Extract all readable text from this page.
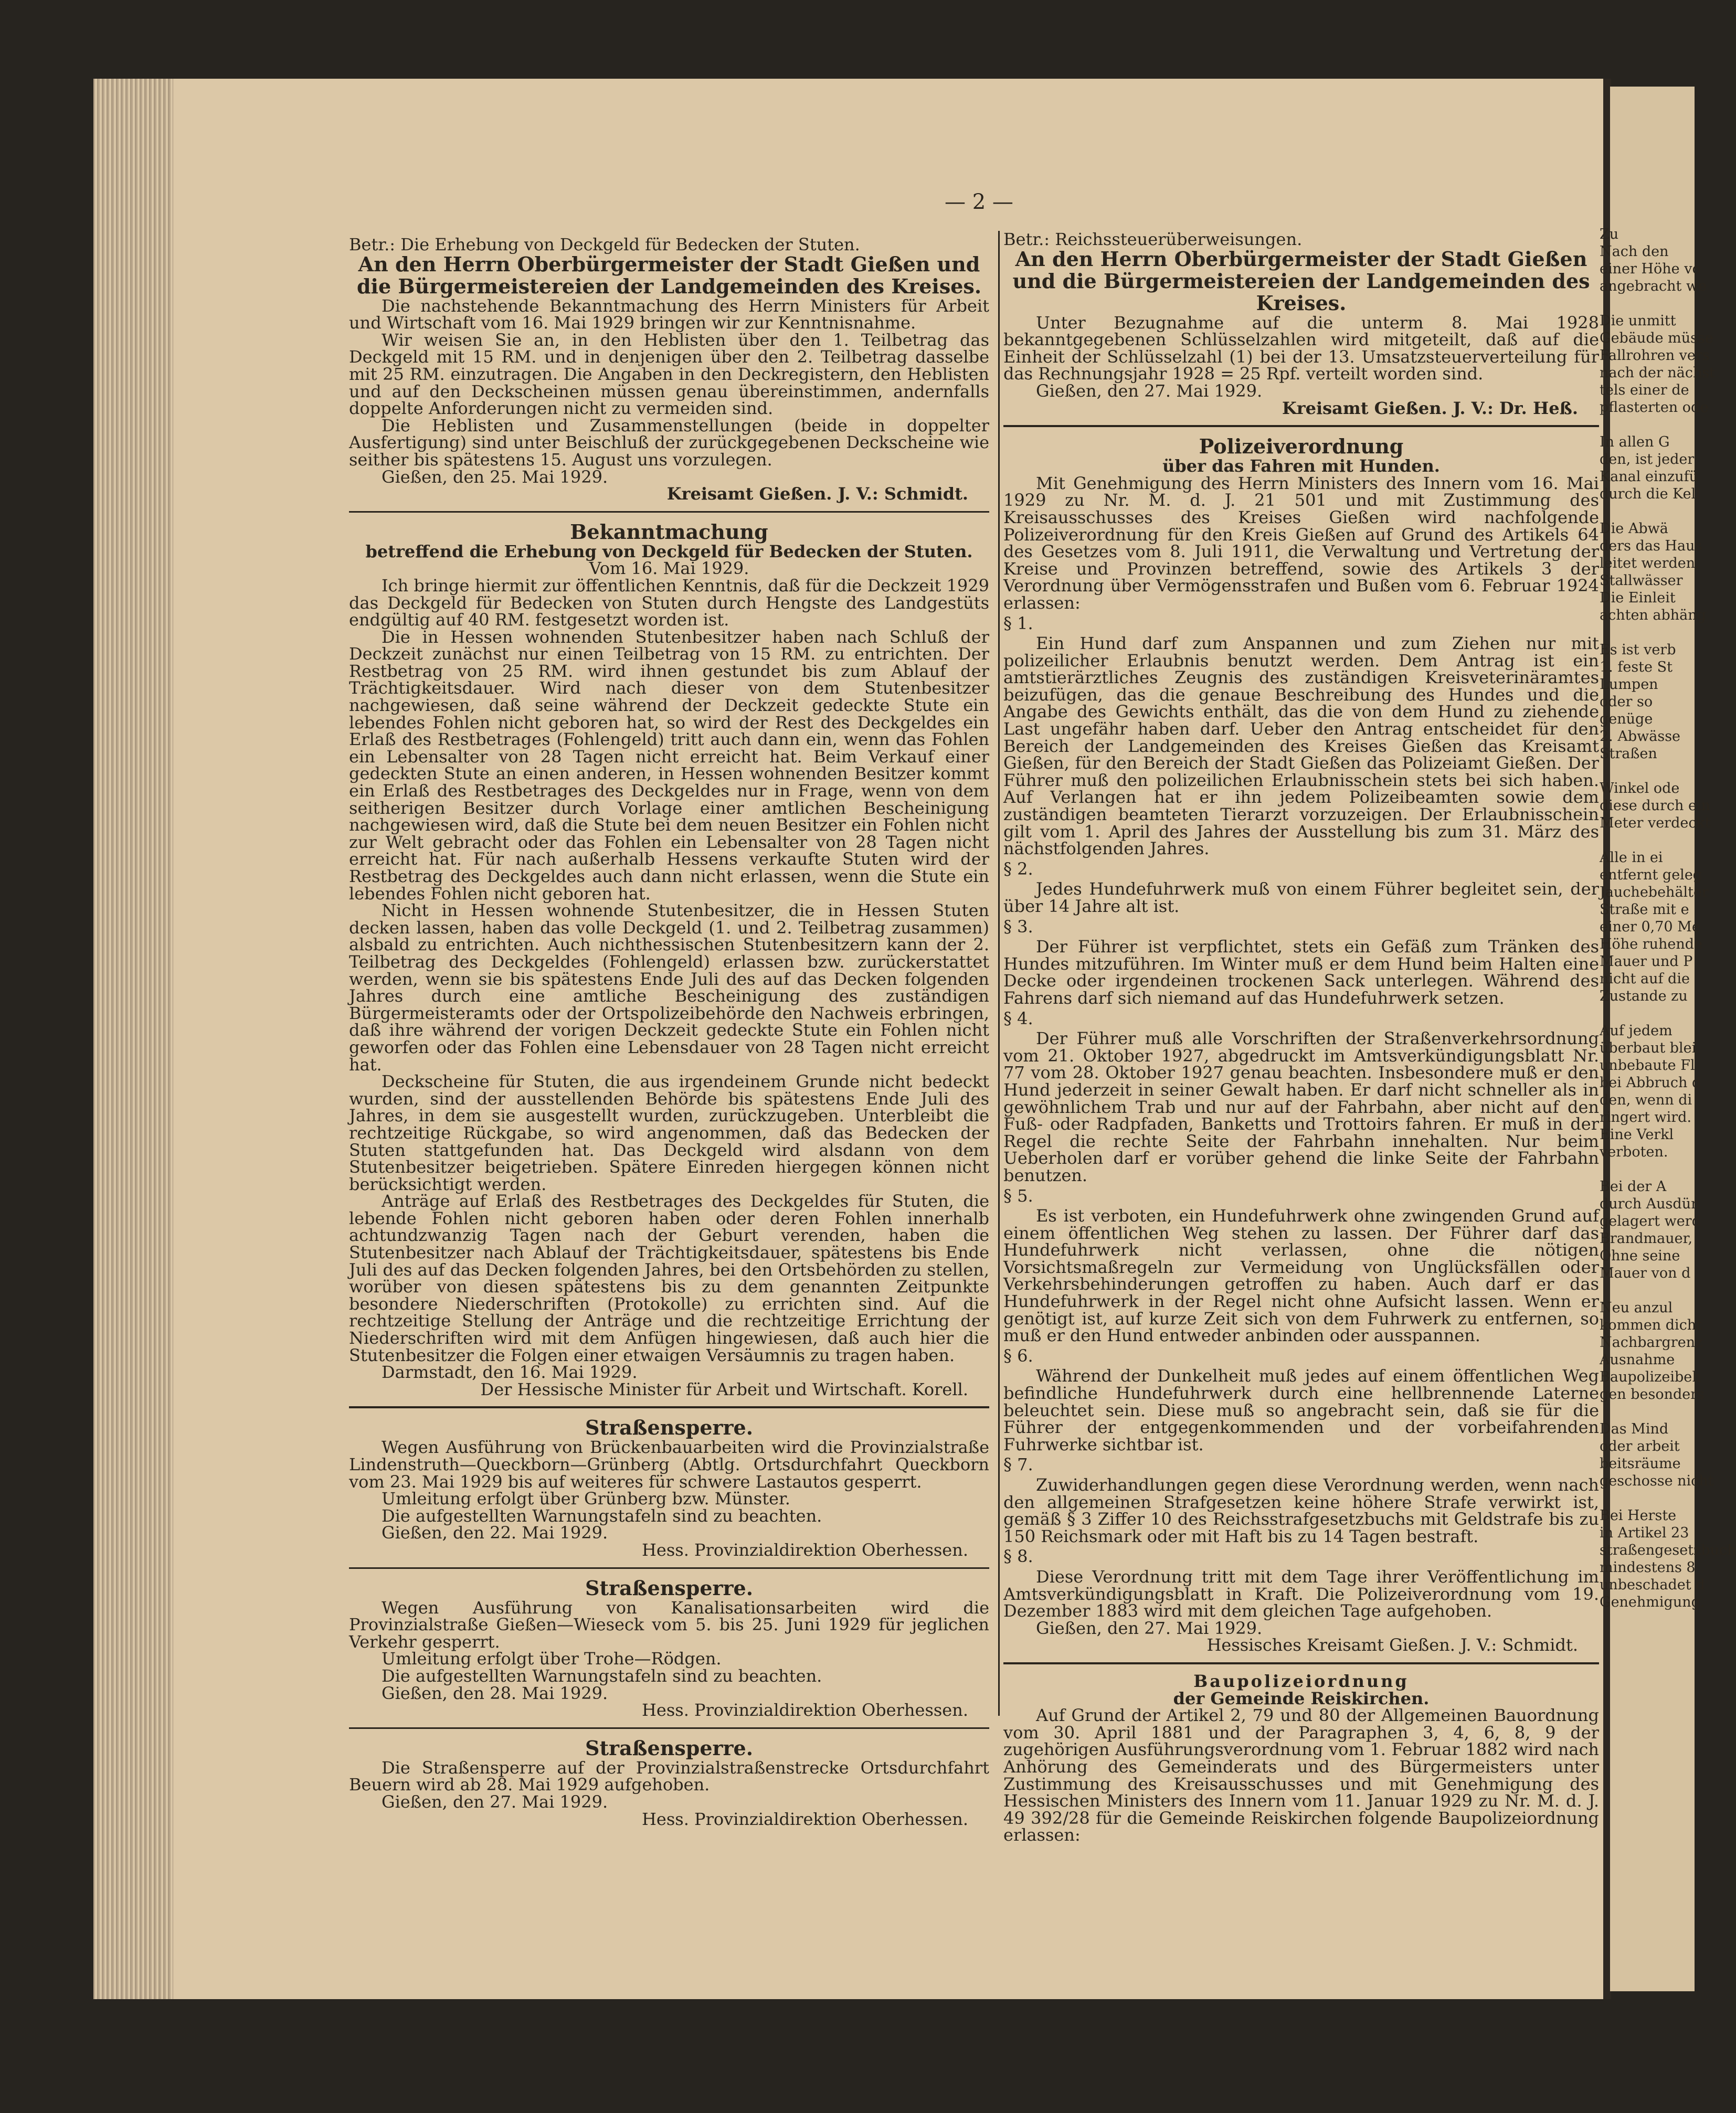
Zu
Nach den
einer Höhe vo
angebracht we

Die unmitt
Gebäude müsse
Fallrohren vers
nach der nächst
tels einer de
pflasterten ode

In allen G
den, ist jeder
Kanal einzufü
durch die Kell

Die Abwä
ders das Haus
leitet werden.
Stallwässer
Die Einleit
achten abhäng

Es ist verb
1. feste St
Lumpen
oder so
genüge
2. Abwässe
Straßen

Winkel ode
diese durch ein
Meter verdeckt

Alle in ei
entfernt geleg
Jauchebehälter
Straße mit e
einer 0,70 Me
Höhe ruhende
Mauer und P
nicht auf die
Zustande zu

Auf jedem
überbaut blei
unbebaute Fl
bei Abbruch d
den, wenn di
ringert wird.
Eine Verkl
verboten.

Bei der A
durch Ausdün
gelagert werd
Brandmauer,
Ohne seine
Mauer von d

Neu anzul
kommen dicht
Nachbargrenz
Ausnahme
Baupolizeibeh
gen besonders

Das Mind
oder arbeit
beitsräume
geschosse nicht

Bei Herste
in Artikel 23
straßengesetzbuch
mindestens 8
unbeschadet d
Genehmigung.
— 2 —

Betr.: Die Erhebung von Deckgeld für Bedecken der Stuten.

An den Herrn Oberbürgermeister der Stadt Gießen und die Bürgermeistereien der Landgemeinden des Kreises.

Die nachstehende Bekanntmachung des Herrn Ministers für Arbeit und Wirtschaft vom 16. Mai 1929 bringen wir zur Kenntnisnahme.

Wir weisen Sie an, in den Heblisten über den 1. Teilbetrag das Deckgeld mit 15 RM. und in denjenigen über den 2. Teilbetrag dasselbe mit 25 RM. einzutragen. Die Angaben in den Deckregistern, den Heblisten und auf den Deckscheinen müssen genau übereinstimmen, andernfalls doppelte Anforderungen nicht zu vermeiden sind.

Die Heblisten und Zusammenstellungen (beide in doppelter Ausfertigung) sind unter Beischluß der zurückgegebenen Deckscheine wie seither bis spätestens 15. August uns vorzulegen.

Gießen, den 25. Mai 1929.

Kreisamt Gießen. J. V.: Schmidt.

Bekanntmachung

betreffend die Erhebung von Deckgeld für Bedecken der Stuten.

Vom 16. Mai 1929.

Ich bringe hiermit zur öffentlichen Kenntnis, daß für die Deckzeit 1929 das Deckgeld für Bedecken von Stuten durch Hengste des Landgestüts endgültig auf 40 RM. festgesetzt worden ist.

Die in Hessen wohnenden Stutenbesitzer haben nach Schluß der Deckzeit zunächst nur einen Teilbetrag von 15 RM. zu entrichten. Der Restbetrag von 25 RM. wird ihnen gestundet bis zum Ablauf der Trächtigkeitsdauer. Wird nach dieser von dem Stutenbesitzer nachgewiesen, daß seine während der Deckzeit gedeckte Stute ein lebendes Fohlen nicht geboren hat, so wird der Rest des Deckgeldes ein Erlaß des Restbetrages (Fohlengeld) tritt auch dann ein, wenn das Fohlen ein Lebensalter von 28 Tagen nicht erreicht hat. Beim Verkauf einer gedeckten Stute an einen anderen, in Hessen wohnenden Besitzer kommt ein Erlaß des Restbetrages des Deckgeldes nur in Frage, wenn von dem seitherigen Besitzer durch Vorlage einer amtlichen Bescheinigung nachgewiesen wird, daß die Stute bei dem neuen Besitzer ein Fohlen nicht zur Welt gebracht oder das Fohlen ein Lebensalter von 28 Tagen nicht erreicht hat. Für nach außerhalb Hessens verkaufte Stuten wird der Restbetrag des Deckgeldes auch dann nicht erlassen, wenn die Stute ein lebendes Fohlen nicht geboren hat.

Nicht in Hessen wohnende Stutenbesitzer, die in Hessen Stuten decken lassen, haben das volle Deckgeld (1. und 2. Teilbetrag zusammen) alsbald zu entrichten. Auch nichthessischen Stutenbesitzern kann der 2. Teilbetrag des Deckgeldes (Fohlengeld) erlassen bzw. zurückerstattet werden, wenn sie bis spätestens Ende Juli des auf das Decken folgenden Jahres durch eine amtliche Bescheinigung des zuständigen Bürgermeisteramts oder der Ortspolizeibehörde den Nachweis erbringen, daß ihre während der vorigen Deckzeit gedeckte Stute ein Fohlen nicht geworfen oder das Fohlen eine Lebensdauer von 28 Tagen nicht erreicht hat.

Deckscheine für Stuten, die aus irgendeinem Grunde nicht bedeckt wurden, sind der ausstellenden Behörde bis spätestens Ende Juli des Jahres, in dem sie ausgestellt wurden, zurückzugeben. Unterbleibt die rechtzeitige Rückgabe, so wird angenommen, daß das Bedecken der Stuten stattgefunden hat. Das Deckgeld wird alsdann von dem Stutenbesitzer beigetrieben. Spätere Einreden hiergegen können nicht berücksichtigt werden.

Anträge auf Erlaß des Restbetrages des Deckgeldes für Stuten, die lebende Fohlen nicht geboren haben oder deren Fohlen innerhalb achtundzwanzig Tagen nach der Geburt verenden, haben die Stutenbesitzer nach Ablauf der Trächtigkeitsdauer, spätestens bis Ende Juli des auf das Decken folgenden Jahres, bei den Ortsbehörden zu stellen, worüber von diesen spätestens bis zu dem genannten Zeitpunkte besondere Niederschriften (Protokolle) zu errichten sind. Auf die rechtzeitige Stellung der Anträge und die rechtzeitige Errichtung der Niederschriften wird mit dem Anfügen hingewiesen, daß auch hier die Stutenbesitzer die Folgen einer etwaigen Versäumnis zu tragen haben.

Darmstadt, den 16. Mai 1929.

Der Hessische Minister für Arbeit und Wirtschaft. Korell.

Straßensperre.

Wegen Ausführung von Brückenbauarbeiten wird die Provinzialstraße Lindenstruth—Queckborn—Grünberg (Abtlg. Ortsdurchfahrt Queckborn vom 23. Mai 1929 bis auf weiteres für schwere Lastautos gesperrt.

Umleitung erfolgt über Grünberg bzw. Münster.

Die aufgestellten Warnungstafeln sind zu beachten.

Gießen, den 22. Mai 1929.

Hess. Provinzialdirektion Oberhessen.

Straßensperre.

Wegen Ausführung von Kanalisationsarbeiten wird die Provinzialstraße Gießen—Wieseck vom 5. bis 25. Juni 1929 für jeglichen Verkehr gesperrt.

Umleitung erfolgt über Trohe—Rödgen.

Die aufgestellten Warnungstafeln sind zu beachten.

Gießen, den 28. Mai 1929.

Hess. Provinzialdirektion Oberhessen.

Straßensperre.

Die Straßensperre auf der Provinzialstraßenstrecke Ortsdurchfahrt Beuern wird ab 28. Mai 1929 aufgehoben.

Gießen, den 27. Mai 1929.

Hess. Provinzialdirektion Oberhessen.

Betr.: Reichssteuerüberweisungen.

An den Herrn Oberbürgermeister der Stadt Gießen und die Bürgermeistereien der Landgemeinden des Kreises.

Unter Bezugnahme auf die unterm 8. Mai 1928 bekanntgegebenen Schlüsselzahlen wird mitgeteilt, daß auf die Einheit der Schlüsselzahl (1) bei der 13. Umsatzsteuerverteilung für das Rechnungsjahr 1928 = 25 Rpf. verteilt worden sind.

Gießen, den 27. Mai 1929.

Kreisamt Gießen. J. V.: Dr. Heß.

Polizeiverordnung

über das Fahren mit Hunden.

Mit Genehmigung des Herrn Ministers des Innern vom 16. Mai 1929 zu Nr. M. d. J. 21 501 und mit Zustimmung des Kreisausschusses des Kreises Gießen wird nachfolgende Polizeiverordnung für den Kreis Gießen auf Grund des Artikels 64 des Gesetzes vom 8. Juli 1911, die Verwaltung und Vertretung der Kreise und Provinzen betreffend, sowie des Artikels 3 der Verordnung über Vermögensstrafen und Bußen vom 6. Februar 1924 erlassen:

§ 1.

Ein Hund darf zum Anspannen und zum Ziehen nur mit polizeilicher Erlaubnis benutzt werden. Dem Antrag ist ein amtstierärztliches Zeugnis des zuständigen Kreisveterinäramtes beizufügen, das die genaue Beschreibung des Hundes und die Angabe des Gewichts enthält, das die von dem Hund zu ziehende Last ungefähr haben darf. Ueber den Antrag entscheidet für den Bereich der Landgemeinden des Kreises Gießen das Kreisamt Gießen, für den Bereich der Stadt Gießen das Polizeiamt Gießen. Der Führer muß den polizeilichen Erlaubnisschein stets bei sich haben. Auf Verlangen hat er ihn jedem Polizeibeamten sowie dem zuständigen beamteten Tierarzt vorzuzeigen. Der Erlaubnisschein gilt vom 1. April des Jahres der Ausstellung bis zum 31. März des nächstfolgenden Jahres.

§ 2.

Jedes Hundefuhrwerk muß von einem Führer begleitet sein, der über 14 Jahre alt ist.

§ 3.

Der Führer ist verpflichtet, stets ein Gefäß zum Tränken des Hundes mitzuführen. Im Winter muß er dem Hund beim Halten eine Decke oder irgendeinen trockenen Sack unterlegen. Während des Fahrens darf sich niemand auf das Hundefuhrwerk setzen.

§ 4.

Der Führer muß alle Vorschriften der Straßenverkehrsordnung vom 21. Oktober 1927, abgedruckt im Amtsverkündigungsblatt Nr. 77 vom 28. Oktober 1927 genau beachten. Insbesondere muß er den Hund jederzeit in seiner Gewalt haben. Er darf nicht schneller als in gewöhnlichem Trab und nur auf der Fahrbahn, aber nicht auf den Fuß- oder Radpfaden, Banketts und Trottoirs fahren. Er muß in der Regel die rechte Seite der Fahrbahn innehalten. Nur beim Ueberholen darf er vorüber gehend die linke Seite der Fahrbahn benutzen.

§ 5.

Es ist verboten, ein Hundefuhrwerk ohne zwingenden Grund auf einem öffentlichen Weg stehen zu lassen. Der Führer darf das Hundefuhrwerk nicht verlassen, ohne die nötigen Vorsichtsmaßregeln zur Vermeidung von Unglücksfällen oder Verkehrsbehinderungen getroffen zu haben. Auch darf er das Hundefuhrwerk in der Regel nicht ohne Aufsicht lassen. Wenn er genötigt ist, auf kurze Zeit sich von dem Fuhrwerk zu entfernen, so muß er den Hund entweder anbinden oder ausspannen.

§ 6.

Während der Dunkelheit muß jedes auf einem öffentlichen Weg befindliche Hundefuhrwerk durch eine hellbrennende Laterne beleuchtet sein. Diese muß so angebracht sein, daß sie für die Führer der entgegenkommenden und der vorbeifahrenden Fuhrwerke sichtbar ist.

§ 7.

Zuwiderhandlungen gegen diese Verordnung werden, wenn nach den allgemeinen Strafgesetzen keine höhere Strafe verwirkt ist, gemäß § 3 Ziffer 10 des Reichsstrafgesetzbuchs mit Geldstrafe bis zu 150 Reichsmark oder mit Haft bis zu 14 Tagen bestraft.

§ 8.

Diese Verordnung tritt mit dem Tage ihrer Veröffentlichung im Amtsverkündigungsblatt in Kraft. Die Polizeiverordnung vom 19. Dezember 1883 wird mit dem gleichen Tage aufgehoben.

Gießen, den 27. Mai 1929.

Hessisches Kreisamt Gießen. J. V.: Schmidt.

Baupolizeiordnung

der Gemeinde Reiskirchen.

Auf Grund der Artikel 2, 79 und 80 der Allgemeinen Bauordnung vom 30. April 1881 und der Paragraphen 3, 4, 6, 8, 9 der zugehörigen Ausführungsverordnung vom 1. Februar 1882 wird nach Anhörung des Gemeinderats und des Bürgermeisters unter Zustimmung des Kreisausschusses und mit Genehmigung des Hessischen Ministers des Innern vom 11. Januar 1929 zu Nr. M. d. J. 49 392/28 für die Gemeinde Reiskirchen folgende Baupolizeiordnung erlassen:
